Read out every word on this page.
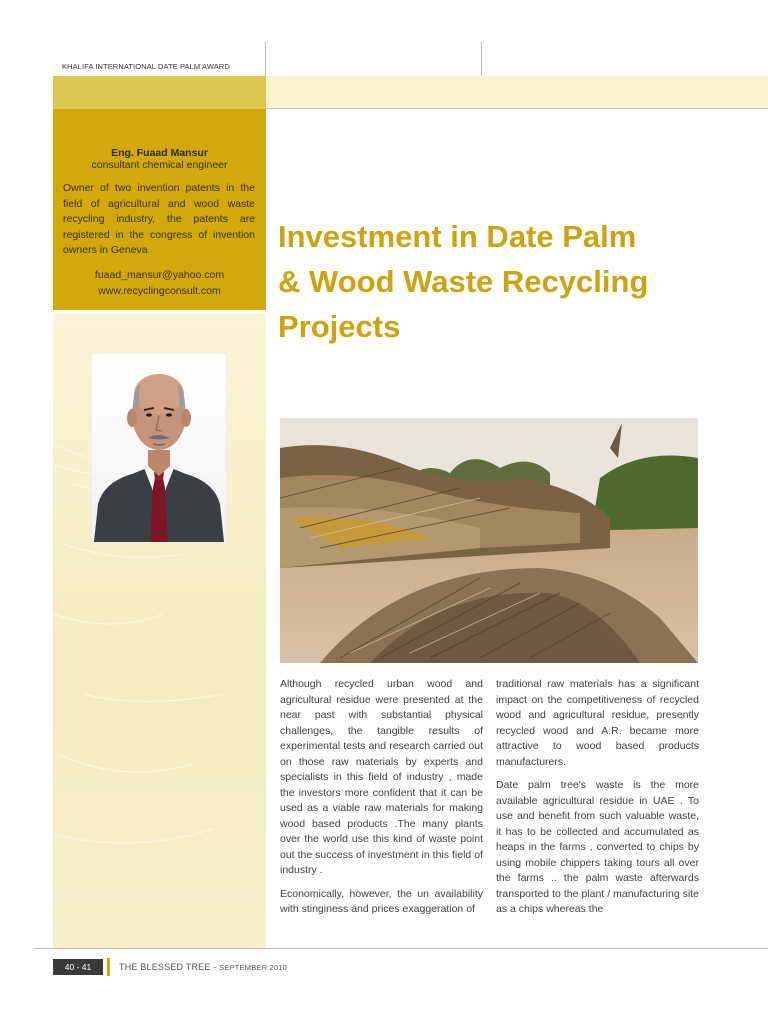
KHALIFA INTERNATIONAL DATE PALM AWARD
Eng. Fuaad Mansur
consultant chemical engineer
Owner of two invention patents in the field of agricultural and wood waste recycling industry, the patents are registered in the congress of invention owners in Geneva
fuaad_mansur@yahoo.com
www.recyclingconsult.com
Investment in Date Palm
& Wood Waste Recycling
Projects

Although recycled urban wood and agricultural residue were presented at the near past with substantial physical challenges, the tangible results of experimental tests and research carried out on those raw materials by experts and specialists in this field of industry , made the investors more confident that it can be used as a viable raw materials for making wood based products .The many plants over the world use this kind of waste point out the success of investment in this field of industry .

Economically, however, the un availability with stinginess and prices exaggeration of

traditional raw materials has a significant impact on the competitiveness of recycled wood and agricultural residue, presently recycled wood and A.R. became more attractive to wood based products manufacturers.

Date palm tree's waste is the more available agricultural residue in UAE . To use and benefit from such valuable waste, it has to be collected and accumulated as heaps in the farms , converted to chips by using mobile chippers taking tours all over the farms .. the palm waste afterwards transported to the plant / manufacturing site as a chips whereas the

40 - 41	THE BLESSED TREE - SEPTEMBER 2010
